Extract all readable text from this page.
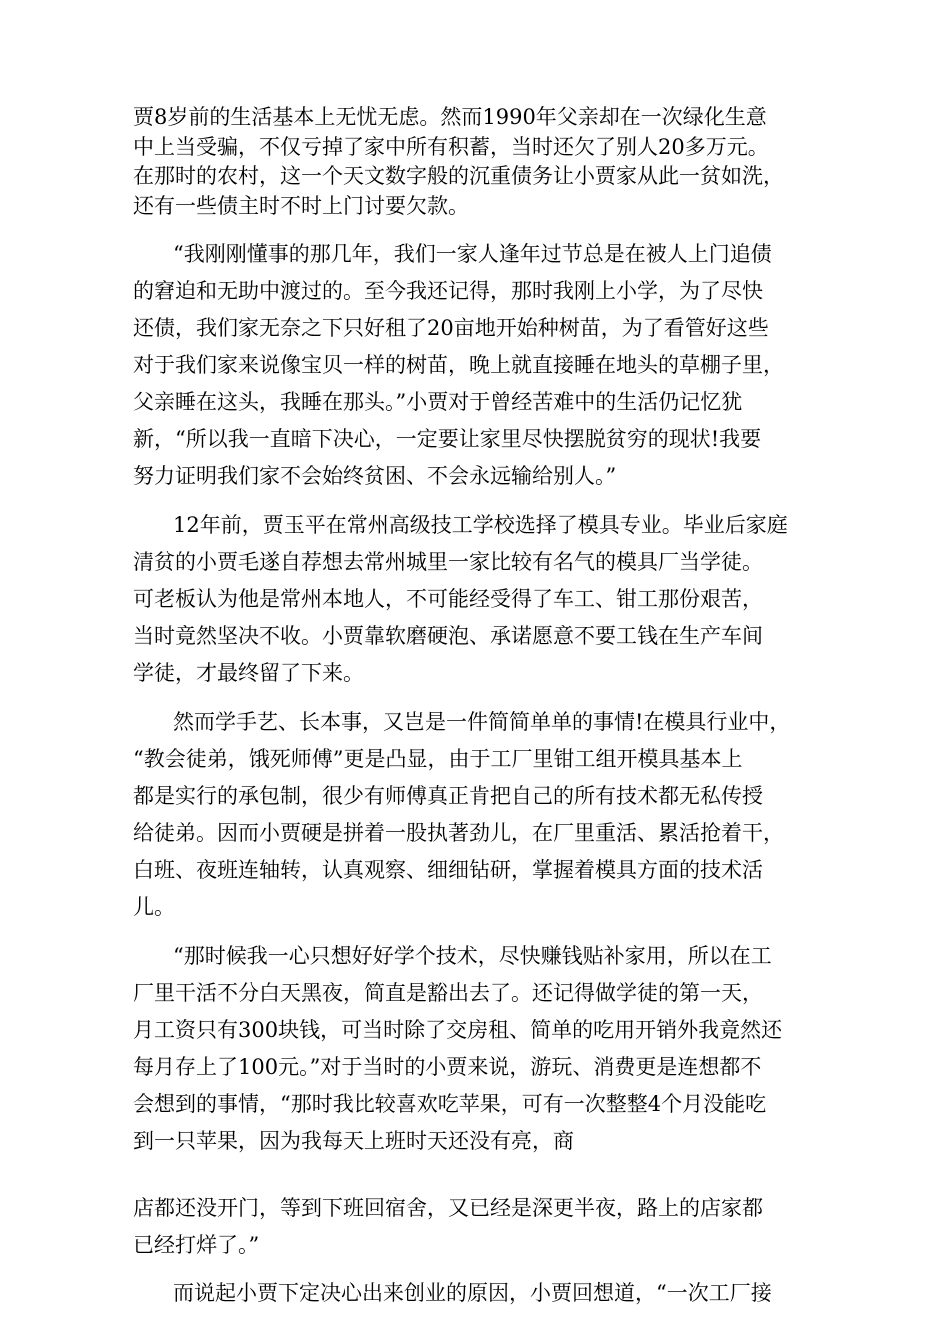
贾8岁前的生活基本上无忧无虑。然而1990年父亲却在一次绿化生意
中上当受骗，不仅亏掉了家中所有积蓄，当时还欠了别人20多万元。
在那时的农村，这一个天文数字般的沉重债务让小贾家从此一贫如洗，
还有一些债主时不时上门讨要欠款。
“我刚刚懂事的那几年，我们一家人逢年过节总是在被人上门追债
的窘迫和无助中渡过的。至今我还记得，那时我刚上小学，为了尽快
还债，我们家无奈之下只好租了20亩地开始种树苗，为了看管好这些
对于我们家来说像宝贝一样的树苗，晚上就直接睡在地头的草棚子里，
父亲睡在这头，我睡在那头。”小贾对于曾经苦难中的生活仍记忆犹
新，“所以我一直暗下决心，一定要让家里尽快摆脱贫穷的现状!我要
努力证明我们家不会始终贫困、不会永远输给别人。”
12年前，贾玉平在常州高级技工学校选择了模具专业。毕业后家庭
清贫的小贾毛遂自荐想去常州城里一家比较有名气的模具厂当学徒。
可老板认为他是常州本地人，不可能经受得了车工、钳工那份艰苦，
当时竟然坚决不收。小贾靠软磨硬泡、承诺愿意不要工钱在生产车间
学徒，才最终留了下来。
然而学手艺、长本事，又岂是一件简简单单的事情!在模具行业中，
“教会徒弟，饿死师傅”更是凸显，由于工厂里钳工组开模具基本上
都是实行的承包制，很少有师傅真正肯把自己的所有技术都无私传授
给徒弟。因而小贾硬是拼着一股执著劲儿，在厂里重活、累活抢着干，
白班、夜班连轴转，认真观察、细细钻研，掌握着模具方面的技术活
儿。
“那时候我一心只想好好学个技术，尽快赚钱贴补家用，所以在工
厂里干活不分白天黑夜，简直是豁出去了。还记得做学徒的第一天，
月工资只有300块钱，可当时除了交房租、简单的吃用开销外我竟然还
每月存上了100元。”对于当时的小贾来说，游玩、消费更是连想都不
会想到的事情，“那时我比较喜欢吃苹果，可有一次整整4个月没能吃
到一只苹果，因为我每天上班时天还没有亮，商
店都还没开门，等到下班回宿舍，又已经是深更半夜，路上的店家都
已经打烊了。”
而说起小贾下定决心出来创业的原因，小贾回想道，“一次工厂接
